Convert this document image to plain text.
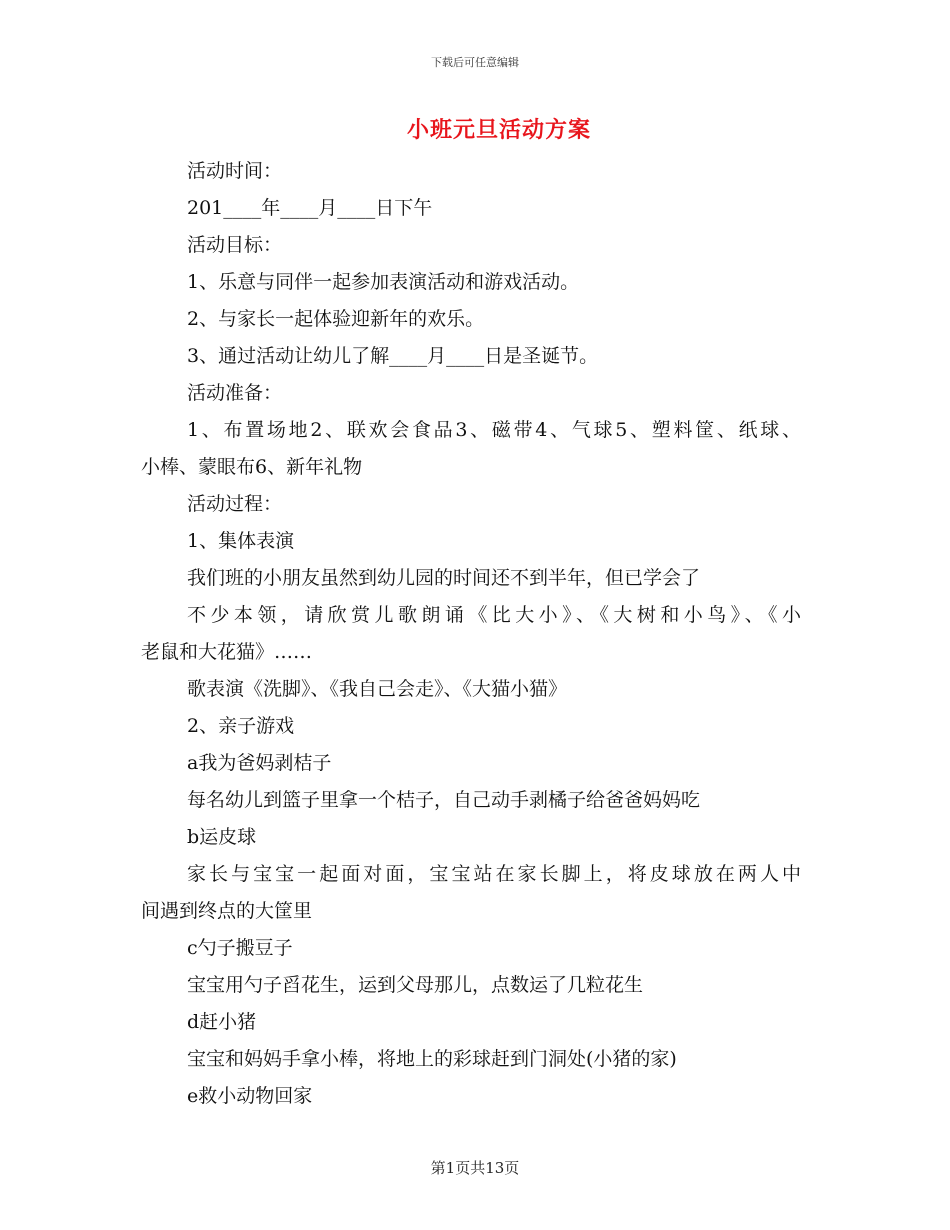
下载后可任意编辑
小班元旦活动方案
活动时间：
201____年____月____日下午
活动目标：
1、乐意与同伴一起参加表演活动和游戏活动。
2、与家长一起体验迎新年的欢乐。
3、通过活动让幼儿了解____月____日是圣诞节。
活动准备：
1、布置场地2、联欢会食品3、磁带4、气球5、塑料筐、纸球、
小棒、蒙眼布6、新年礼物
活动过程：
1、集体表演
我们班的小朋友虽然到幼儿园的时间还不到半年，但已学会了
不少本领，请欣赏儿歌朗诵《比大小》、《大树和小鸟》、《小
老鼠和大花猫》……
歌表演《洗脚》、《我自己会走》、《大猫小猫》
2、亲子游戏
a我为爸妈剥桔子
每名幼儿到篮子里拿一个桔子，自己动手剥橘子给爸爸妈妈吃
b运皮球
家长与宝宝一起面对面，宝宝站在家长脚上，将皮球放在两人中
间遇到终点的大筐里
c勺子搬豆子
宝宝用勺子舀花生，运到父母那儿，点数运了几粒花生
d赶小猪
宝宝和妈妈手拿小棒，将地上的彩球赶到门洞处(小猪的家)
e救小动物回家
第1页共13页
